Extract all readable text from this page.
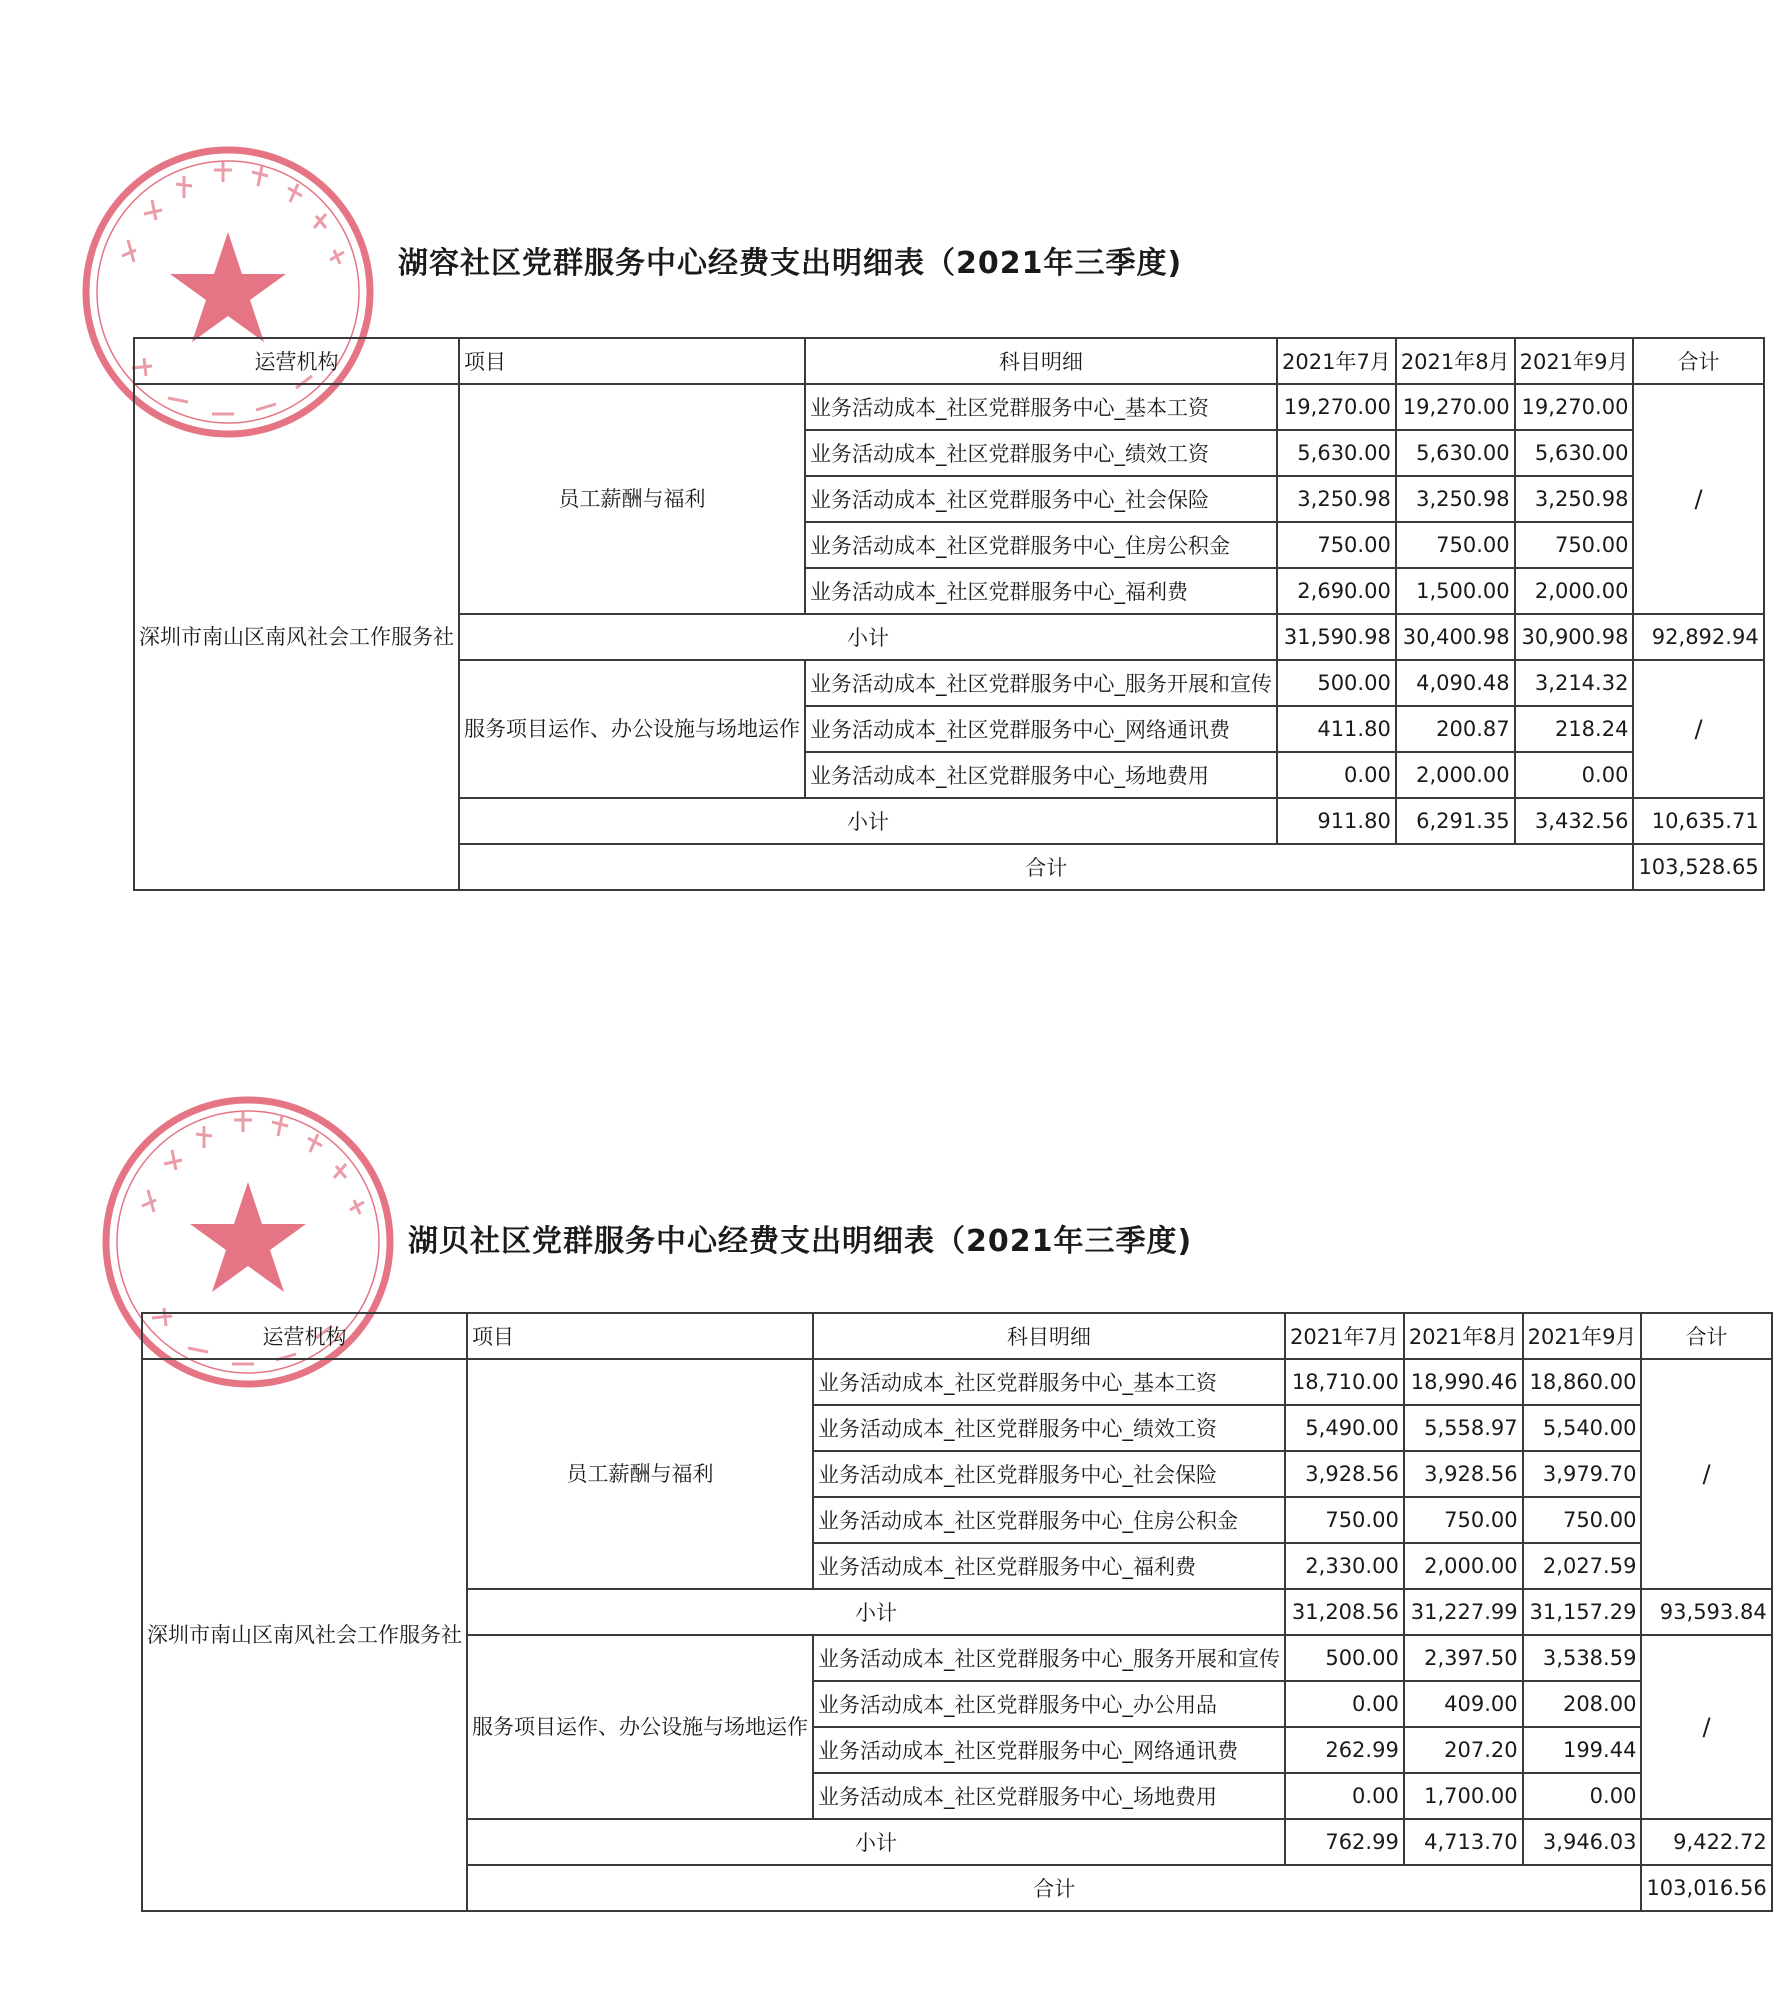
湖容社区党群服务中心经费支出明细表（2021年三季度)
运营机构	项目	科目明细	2021年7月	2021年8月	2021年9月	合计
深圳市南山区南风社会工作服务社	员工薪酬与福利	业务活动成本_社区党群服务中心_基本工资	19,270.00	19,270.00	19,270.00	/
		业务活动成本_社区党群服务中心_绩效工资	5,630.00	5,630.00	5,630.00	
		业务活动成本_社区党群服务中心_社会保险	3,250.98	3,250.98	3,250.98	
		业务活动成本_社区党群服务中心_住房公积金	750.00	750.00	750.00	
		业务活动成本_社区党群服务中心_福利费	2,690.00	1,500.00	2,000.00	
	小计		31,590.98	30,400.98	30,900.98	92,892.94
	服务项目运作、办公设施与场地运作	业务活动成本_社区党群服务中心_服务开展和宣传	500.00	4,090.48	3,214.32	/
		业务活动成本_社区党群服务中心_网络通讯费	411.80	200.87	218.24	
		业务活动成本_社区党群服务中心_场地费用	0.00	2,000.00	0.00	
	小计		911.80	6,291.35	3,432.56	10,635.71
	合计					103,528.65
湖贝社区党群服务中心经费支出明细表（2021年三季度)
运营机构	项目	科目明细	2021年7月	2021年8月	2021年9月	合计
深圳市南山区南风社会工作服务社	员工薪酬与福利	业务活动成本_社区党群服务中心_基本工资	18,710.00	18,990.46	18,860.00	/
		业务活动成本_社区党群服务中心_绩效工资	5,490.00	5,558.97	5,540.00	
		业务活动成本_社区党群服务中心_社会保险	3,928.56	3,928.56	3,979.70	
		业务活动成本_社区党群服务中心_住房公积金	750.00	750.00	750.00	
		业务活动成本_社区党群服务中心_福利费	2,330.00	2,000.00	2,027.59	
	小计		31,208.56	31,227.99	31,157.29	93,593.84
	服务项目运作、办公设施与场地运作	业务活动成本_社区党群服务中心_服务开展和宣传	500.00	2,397.50	3,538.59	/
		业务活动成本_社区党群服务中心_办公用品	0.00	409.00	208.00	
		业务活动成本_社区党群服务中心_网络通讯费	262.99	207.20	199.44	
		业务活动成本_社区党群服务中心_场地费用	0.00	1,700.00	0.00	
	小计		762.99	4,713.70	3,946.03	9,422.72
	合计					103,016.56
